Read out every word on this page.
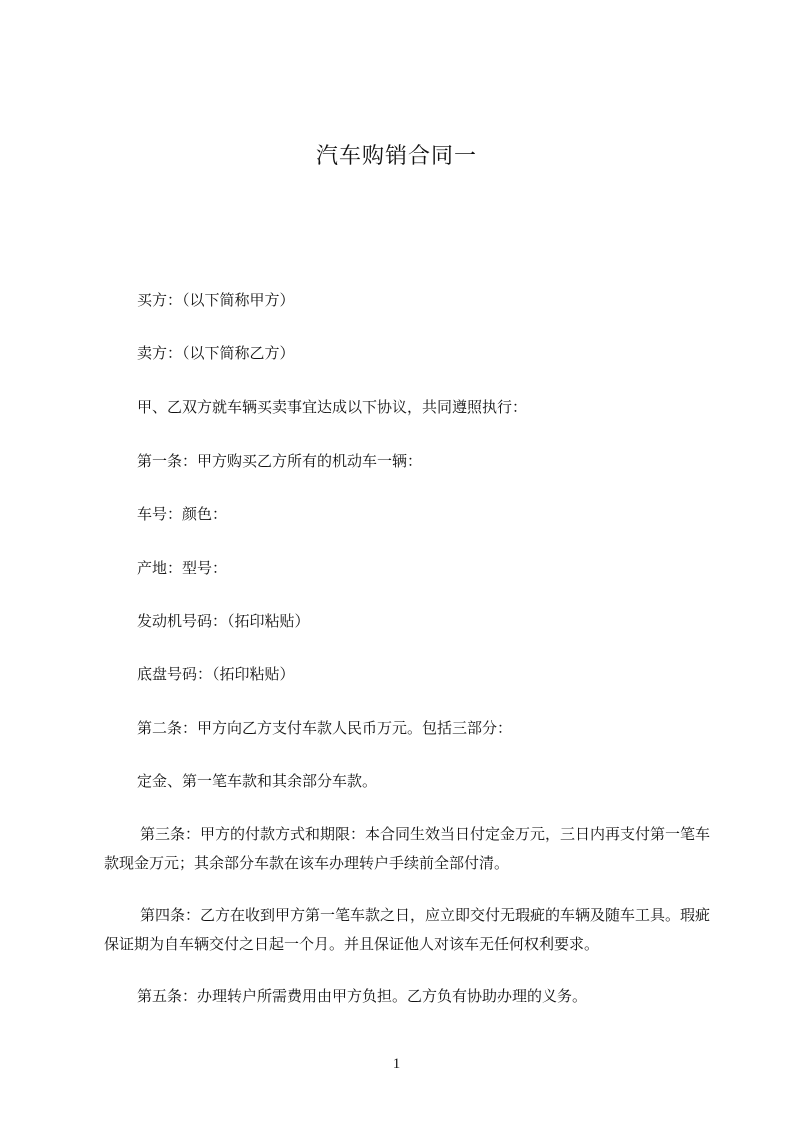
汽车购销合同一

买方：（以下简称甲方）

卖方：（以下简称乙方）

甲、乙双方就车辆买卖事宜达成以下协议，共同遵照执行：

第一条：甲方购买乙方所有的机动车一辆：

车号：颜色：

产地：型号：

发动机号码：（拓印粘贴）

底盘号码：（拓印粘贴）

第二条：甲方向乙方支付车款人民币万元。包括三部分：

定金、第一笔车款和其余部分车款。

第三条：甲方的付款方式和期限：本合同生效当日付定金万元，三日内再支付第一笔车款现金万元；其余部分车款在该车办理转户手续前全部付清。

第四条：乙方在收到甲方第一笔车款之日，应立即交付无瑕疵的车辆及随车工具。瑕疵保证期为自车辆交付之日起一个月。并且保证他人对该车无任何权利要求。

第五条：办理转户所需费用由甲方负担。乙方负有协助办理的义务。

1
